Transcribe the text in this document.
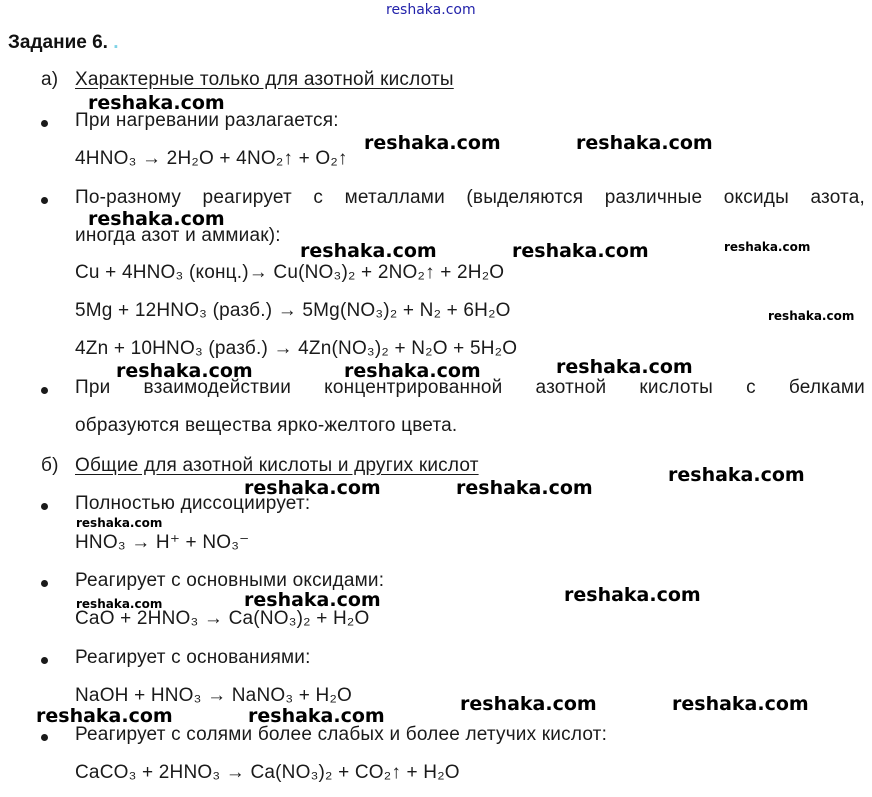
reshaka.com
Задание 6. .
а) Характерные только для азотной кислоты
При нагревании разлагается:
4HNO₃ → 2H₂O + 4NO₂↑ + O₂↑
По-разному реагирует с металлами (выделяются различные оксиды азота,
иногда азот и аммиак):
Cu + 4HNO₃ (конц.)→ Cu(NO₃)₂ + 2NO₂↑ + 2H₂O
5Mg + 12HNO₃ (разб.) → 5Mg(NO₃)₂ + N₂ + 6H₂O
4Zn + 10HNO₃ (разб.) → 4Zn(NO₃)₂ + N₂O + 5H₂O
При взаимодействии концентрированной азотной кислоты с белками
образуются вещества ярко-желтого цвета.
б) Общие для азотной кислоты и других кислот
Полностью диссоциирует:
HNO₃ → H⁺ + NO₃⁻
Реагирует с основными оксидами:
CaO + 2HNO₃ → Ca(NO₃)₂ + H₂O
Реагирует с основаниями:
NaOH + HNO₃ → NaNO₃ + H₂O
Реагирует с солями более слабых и более летучих кислот:
CaCO₃ + 2HNO₃ → Ca(NO₃)₂ + CO₂↑ + H₂O
reshaka.com
reshaka.com	reshaka.com
reshaka.com
reshaka.com	reshaka.com	reshaka.com
reshaka.com
reshaka.com
reshaka.com	reshaka.com
reshaka.com
reshaka.com	reshaka.com
reshaka.com
reshaka.com
reshaka.com
reshaka.com
reshaka.com	reshaka.com
reshaka.com	reshaka.com
